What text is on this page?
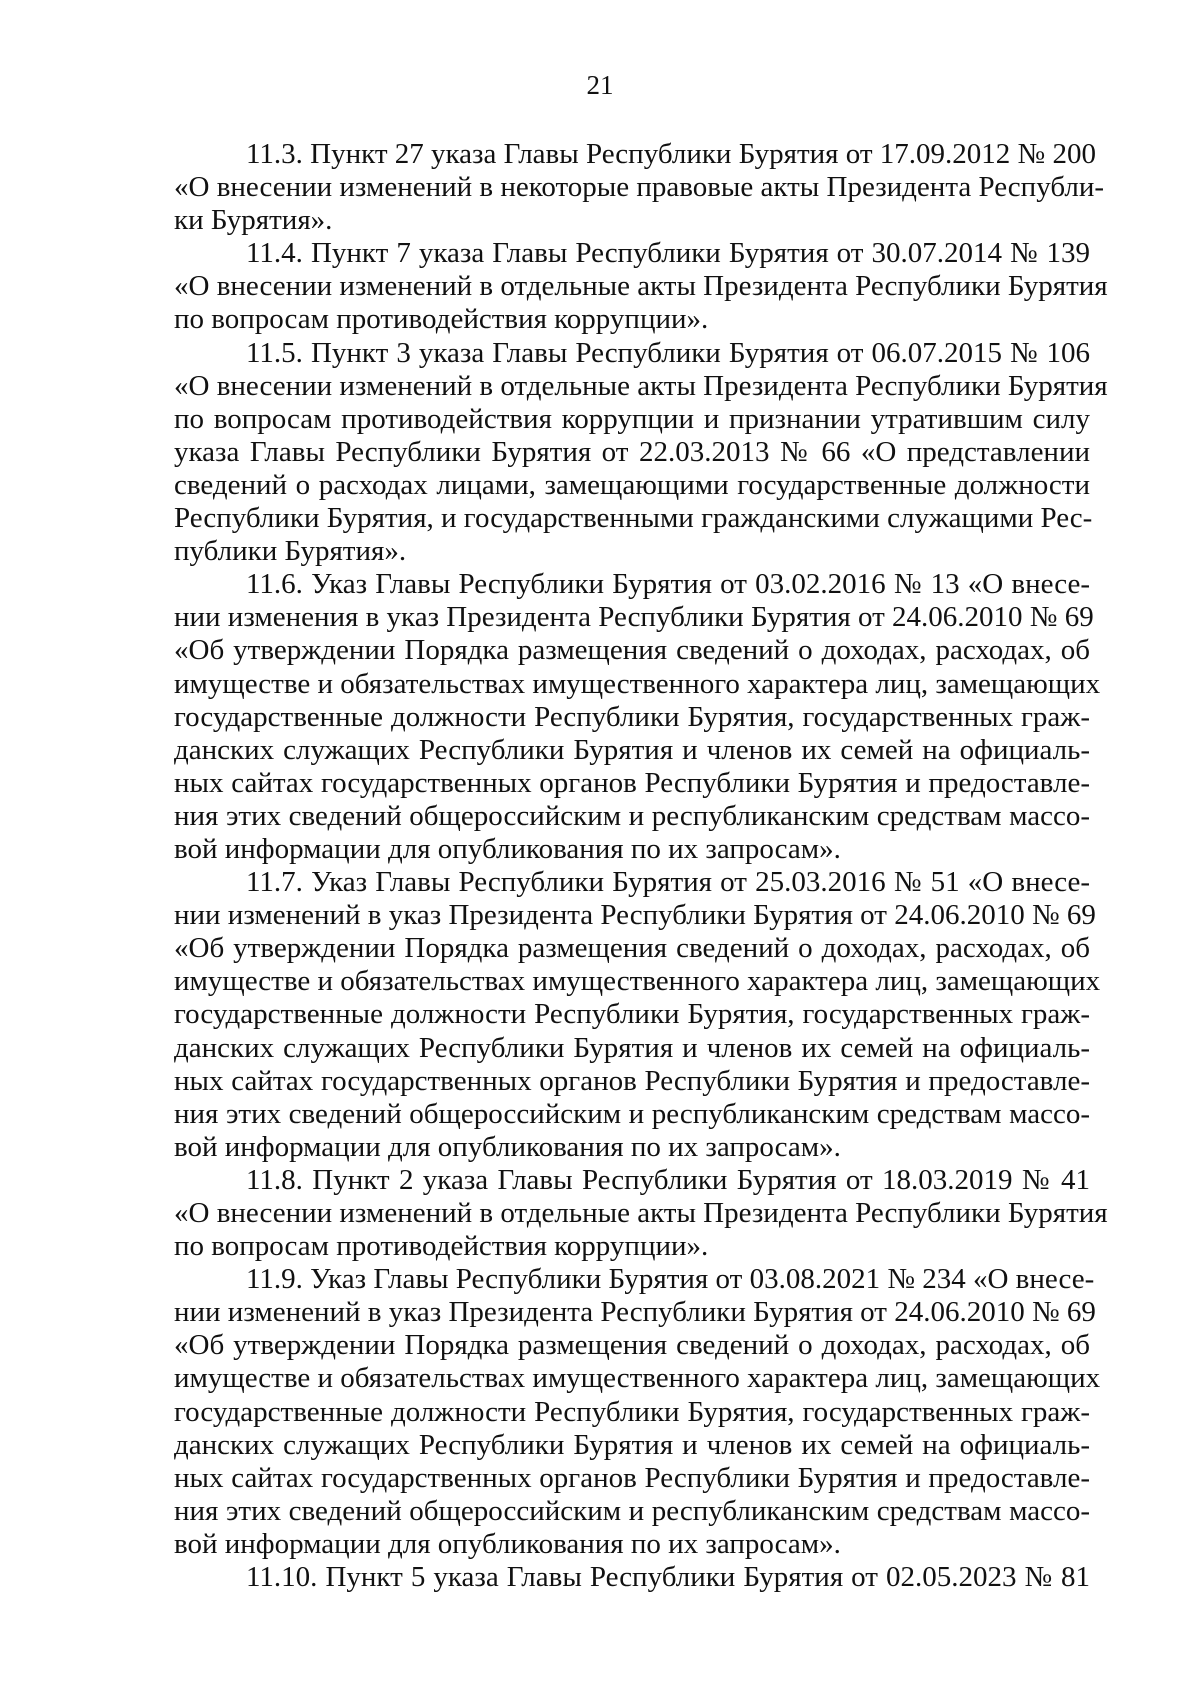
21

11.3. Пункт 27 указа Главы Республики Бурятия от 17.09.2012 № 200
«О внесении изменений в некоторые правовые акты Президента Республи-
ки Бурятия».

11.4. Пункт 7 указа Главы Республики Бурятия от 30.07.2014 № 139
«О внесении изменений в отдельные акты Президента Республики Бурятия
по вопросам противодействия коррупции».

11.5. Пункт 3 указа Главы Республики Бурятия от 06.07.2015 № 106
«О внесении изменений в отдельные акты Президента Республики Бурятия
по вопросам противодействия коррупции и признании утратившим силу
указа Главы Республики Бурятия от 22.03.2013 № 66 «О представлении
сведений о расходах лицами, замещающими государственные должности
Республики Бурятия, и государственными гражданскими служащими Рес-
публики Бурятия».

11.6. Указ Главы Республики Бурятия от 03.02.2016 № 13 «О внесе-
нии изменения в указ Президента Республики Бурятия от 24.06.2010 № 69
«Об утверждении Порядка размещения сведений о доходах, расходах, об
имуществе и обязательствах имущественного характера лиц, замещающих
государственные должности Республики Бурятия, государственных граж-
данских служащих Республики Бурятия и членов их семей на официаль-
ных сайтах государственных органов Республики Бурятия и предоставле-
ния этих сведений общероссийским и республиканским средствам массо-
вой информации для опубликования по их запросам».

11.7. Указ Главы Республики Бурятия от 25.03.2016 № 51 «О внесе-
нии изменений в указ Президента Республики Бурятия от 24.06.2010 № 69
«Об утверждении Порядка размещения сведений о доходах, расходах, об
имуществе и обязательствах имущественного характера лиц, замещающих
государственные должности Республики Бурятия, государственных граж-
данских служащих Республики Бурятия и членов их семей на официаль-
ных сайтах государственных органов Республики Бурятия и предоставле-
ния этих сведений общероссийским и республиканским средствам массо-
вой информации для опубликования по их запросам».

11.8. Пункт 2 указа Главы Республики Бурятия от 18.03.2019 № 41
«О внесении изменений в отдельные акты Президента Республики Бурятия
по вопросам противодействия коррупции».

11.9. Указ Главы Республики Бурятия от 03.08.2021 № 234 «О внесе-
нии изменений в указ Президента Республики Бурятия от 24.06.2010 № 69
«Об утверждении Порядка размещения сведений о доходах, расходах, об
имуществе и обязательствах имущественного характера лиц, замещающих
государственные должности Республики Бурятия, государственных граж-
данских служащих Республики Бурятия и членов их семей на официаль-
ных сайтах государственных органов Республики Бурятия и предоставле-
ния этих сведений общероссийским и республиканским средствам массо-
вой информации для опубликования по их запросам».

11.10. Пункт 5 указа Главы Республики Бурятия от 02.05.2023 № 81
